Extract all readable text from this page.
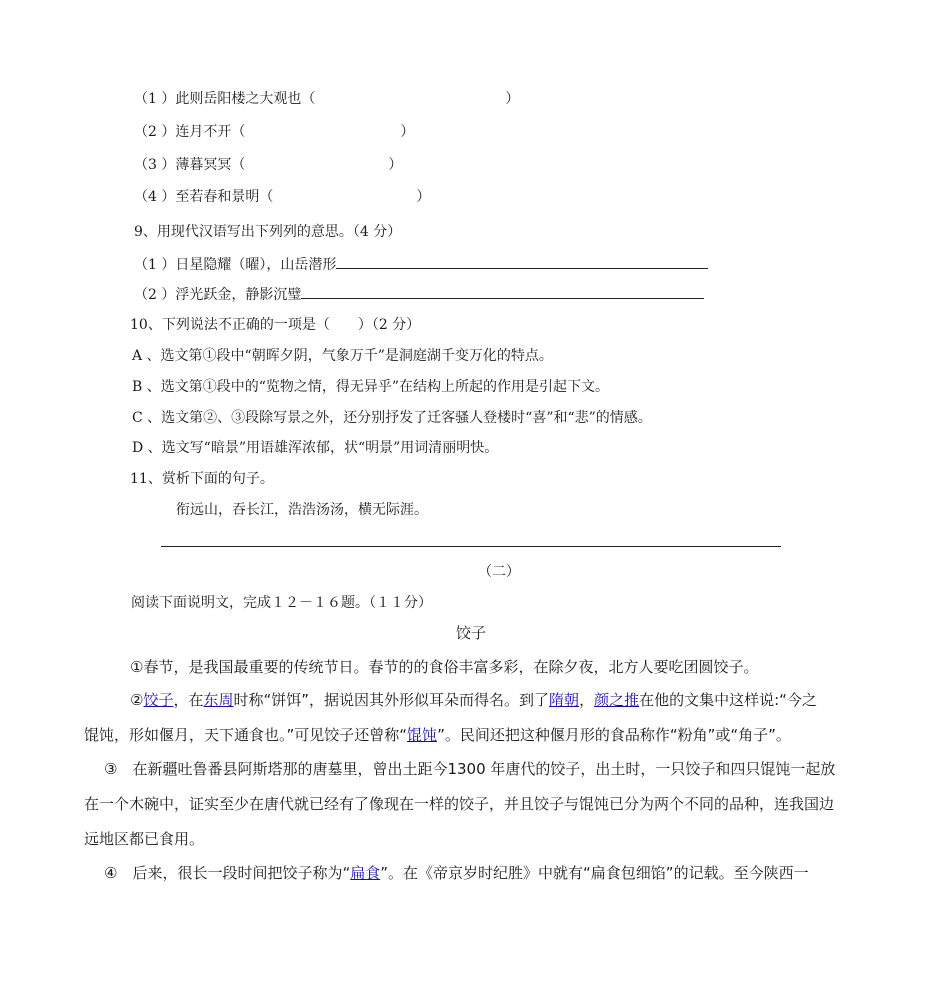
（1 ）此则岳阳楼之大观也（	）
（2 ）连月不开（	）
（3 ）薄暮冥冥（	）
（4 ）至若春和景明（	）
9、用现代汉语写出下列列的意思。（4 分）
（1 ）日星隐耀（曜），山岳潜形
（2 ）浮光跃金，静影沉璧
10、下列说法不正确的一项是（　　）（2 分）
A 、选文第①段中“朝晖夕阴，气象万千”是洞庭湖千变万化的特点。
B 、选文第①段中的“览物之情，得无异乎”在结构上所起的作用是引起下文。
C 、选文第②、③段除写景之外，还分别抒发了迁客骚人登楼时“喜”和“悲”的情感。
D 、选文写“暗景”用语雄浑浓郁，状“明景”用词清丽明快。
11、赏析下面的句子。
衔远山，吞长江，浩浩汤汤，横无际涯。
（二）
阅读下面说明文，完成１２－１６题。（１１分）
饺子
①春节，是我国最重要的传统节日。春节的的食俗丰富多彩，在除夕夜，北方人要吃团圆饺子。
②饺子，在东周时称“饼饵”，据说因其外形似耳朵而得名。到了隋朝，颜之推在他的文集中这样说:“今之
馄饨，形如偃月，天下通食也。”可见饺子还曾称“馄饨”。民间还把这种偃月形的食品称作“粉角”或“角子”。
③　在新疆吐鲁番县阿斯塔那的唐墓里，曾出土距今1300 年唐代的饺子，出土时，一只饺子和四只馄饨一起放
在一个木碗中，证实至少在唐代就已经有了像现在一样的饺子，并且饺子与馄饨已分为两个不同的品种，连我国边
远地区都已食用。
④　后来，很长一段时间把饺子称为“扁食”。在《帝京岁时纪胜》中就有“扁食包细馅”的记载。至今陕西一
